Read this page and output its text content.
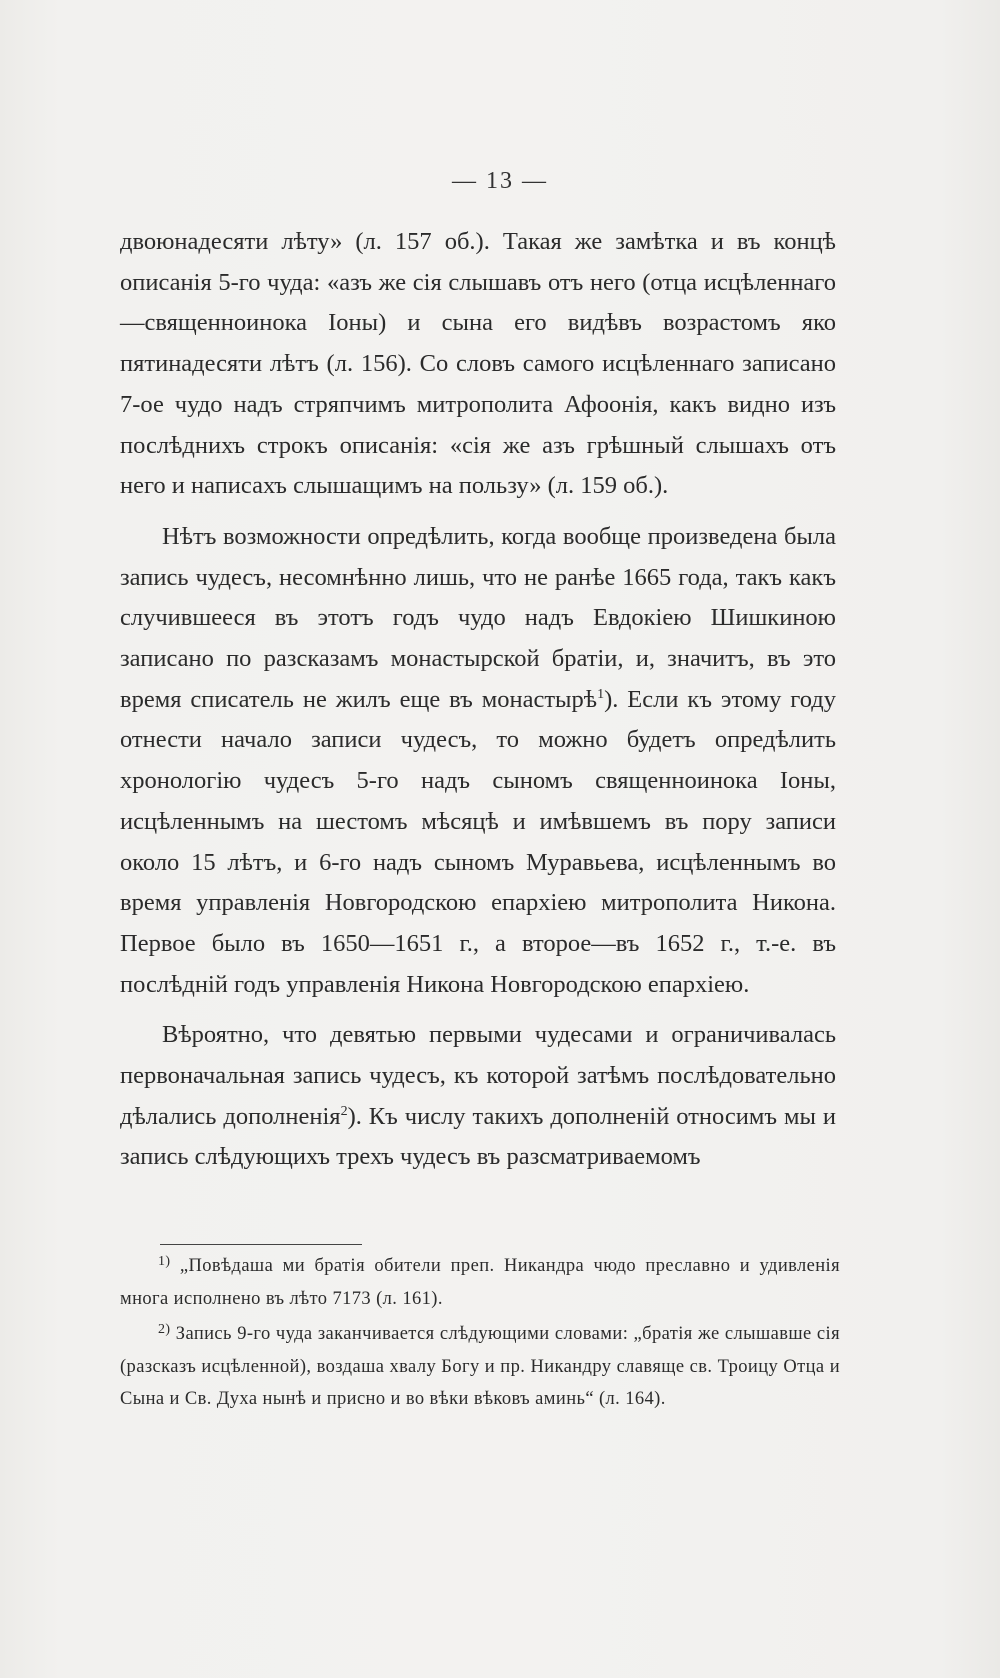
— 13 —

двоюнадесяти лѣту» (л. 157 об.). Такая же замѣтка и въ концѣ описанія 5-го чуда: «азъ же сія слышавъ отъ него (отца исцѣленнаго—священноинока Іоны) и сына его видѣвъ возрастомъ яко пятинадесяти лѣтъ (л. 156). Со словъ самого исцѣленнаго записано 7-ое чудо надъ стряпчимъ митрополита Афоонія, какъ видно изъ послѣднихъ строкъ описанія: «сія же азъ грѣшный слышахъ отъ него и написахъ слышащимъ на пользу» (л. 159 об.).

Нѣтъ возможности опредѣлить, когда вообще произведена была запись чудесъ, несомнѣнно лишь, что не ранѣе 1665 года, такъ какъ случившееся въ этотъ годъ чудо надъ Евдокіею Шишкиною записано по разсказамъ монастырской братіи, и, значитъ, въ это время списатель не жилъ еще въ монастырѣ$^1$). Если къ этому году отнести начало записи чудесъ, то можно будетъ опредѣлить хронологію чудесъ 5-го надъ сыномъ священноинока Іоны, исцѣленнымъ на шестомъ мѣсяцѣ и имѣвшемъ въ пору записи около 15 лѣтъ, и 6-го надъ сыномъ Муравьева, исцѣленнымъ во время управленія Новгородскою епархіею митрополита Никона. Первое было въ 1650—1651 г., а второе—въ 1652 г., т.-е. въ послѣдній годъ управленія Никона Новгородскою епархіею.

Вѣроятно, что девятью первыми чудесами и ограничивалась первоначальная запись чудесъ, къ которой затѣмъ послѣдовательно дѣлались дополненія$^2$). Къ числу такихъ дополненій относимъ мы и запись слѣдующихъ трехъ чудесъ въ разсматриваемомъ

$^{1)}$ „Повѣдаша ми братія обители преп. Никандра чюдо преславно и удивленія многа исполнено въ лѣто 7173 (л. 161).

$^{2)}$ Запись 9-го чуда заканчивается слѣдующими словами: „братія же слышавше сія (разсказъ исцѣленной), воздаша хвалу Богу и пр. Никандру славяще св. Троицу Отца и Сына и Св. Духа нынѣ и присно и во вѣки вѣковъ аминь“ (л. 164).
